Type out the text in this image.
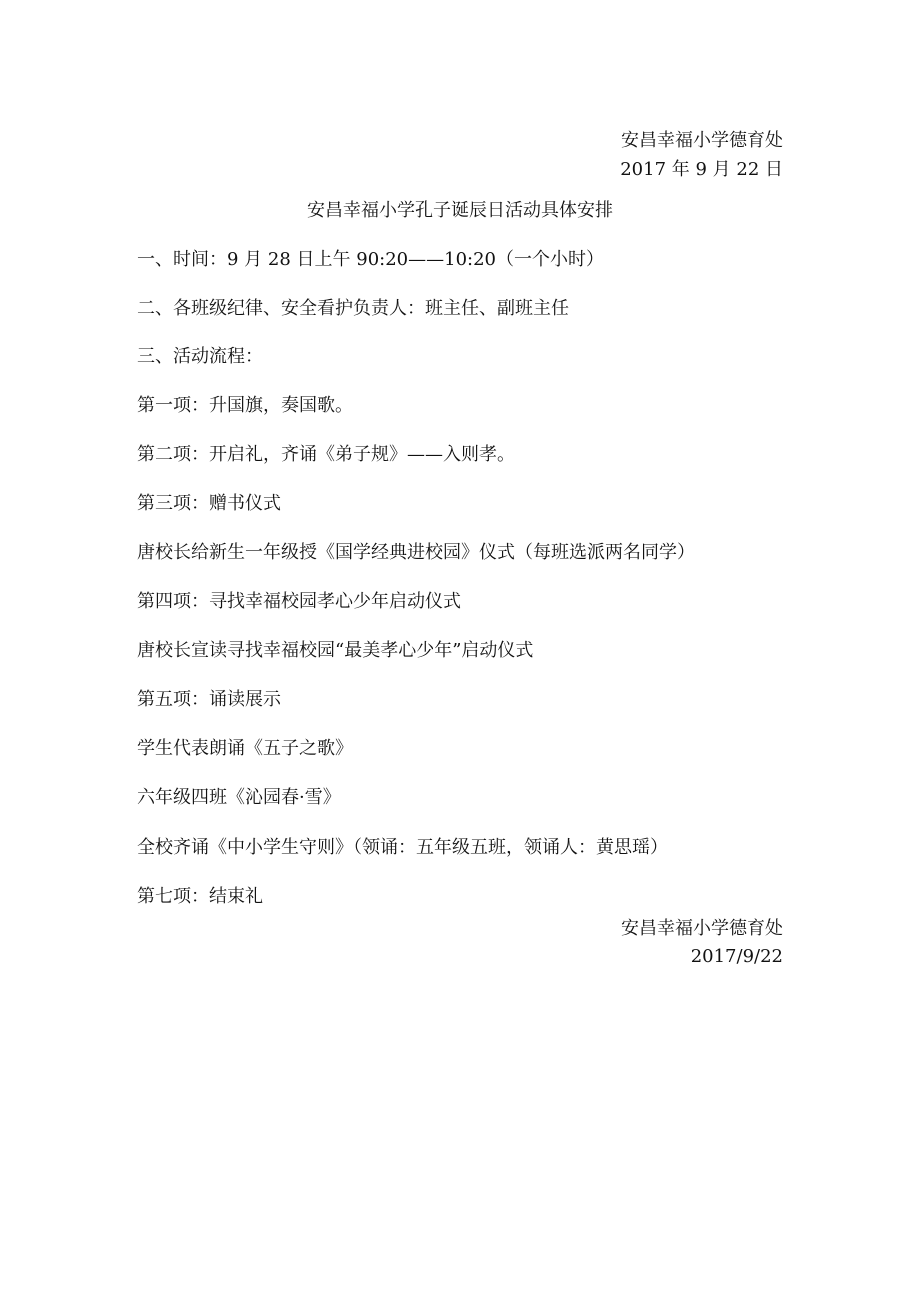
安昌幸福小学德育处
2017 年 9 月 22 日
安昌幸福小学孔子诞辰日活动具体安排
一、时间：9 月 28 日上午 90:20——10:20（一个小时）
二、各班级纪律、安全看护负责人：班主任、副班主任
三、活动流程：
第一项：升国旗，奏国歌。
第二项：开启礼，齐诵《弟子规》——入则孝。
第三项：赠书仪式
唐校长给新生一年级授《国学经典进校园》仪式（每班选派两名同学）
第四项：寻找幸福校园孝心少年启动仪式
唐校长宣读寻找幸福校园“最美孝心少年”启动仪式
第五项：诵读展示
学生代表朗诵《五子之歌》
六年级四班《沁园春·雪》
全校齐诵《中小学生守则》（领诵：五年级五班，领诵人：黄思瑶）
第七项：结束礼
安昌幸福小学德育处
2017/9/22
